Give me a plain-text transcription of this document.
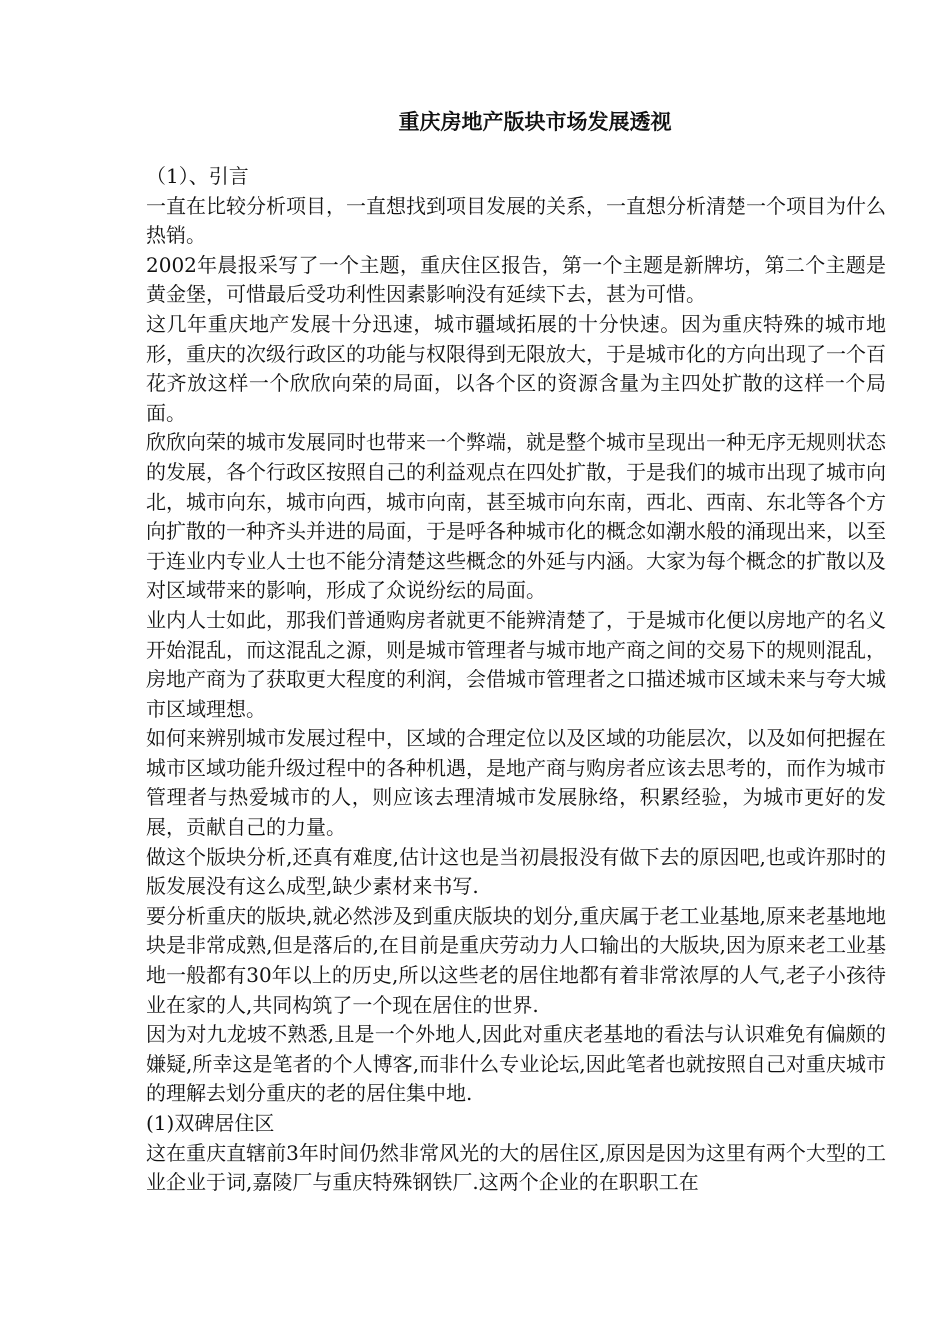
重庆房地产版块市场发展透视

（1）、引言

一直在比较分析项目，一直想找到项目发展的关系，一直想分析清楚一个项目为什么热销。

2002年晨报采写了一个主题，重庆住区报告，第一个主题是新牌坊，第二个主题是黄金堡，可惜最后受功利性因素影响没有延续下去，甚为可惜。

这几年重庆地产发展十分迅速，城市疆域拓展的十分快速。因为重庆特殊的城市地形，重庆的次级行政区的功能与权限得到无限放大，于是城市化的方向出现了一个百花齐放这样一个欣欣向荣的局面，以各个区的资源含量为主四处扩散的这样一个局面。

欣欣向荣的城市发展同时也带来一个弊端，就是整个城市呈现出一种无序无规则状态的发展，各个行政区按照自己的利益观点在四处扩散，于是我们的城市出现了城市向北，城市向东，城市向西，城市向南，甚至城市向东南，西北、西南、东北等各个方向扩散的一种齐头并进的局面，于是呼各种城市化的概念如潮水般的涌现出来，以至于连业内专业人士也不能分清楚这些概念的外延与内涵。大家为每个概念的扩散以及对区域带来的影响，形成了众说纷纭的局面。

业内人士如此，那我们普通购房者就更不能辨清楚了，于是城市化便以房地产的名义开始混乱，而这混乱之源，则是城市管理者与城市地产商之间的交易下的规则混乱，房地产商为了获取更大程度的利润，会借城市管理者之口描述城市区域未来与夸大城市区域理想。

如何来辨别城市发展过程中，区域的合理定位以及区域的功能层次，以及如何把握在城市区域功能升级过程中的各种机遇，是地产商与购房者应该去思考的，而作为城市管理者与热爱城市的人，则应该去理清城市发展脉络，积累经验，为城市更好的发展，贡献自己的力量。

做这个版块分析,还真有难度,估计这也是当初晨报没有做下去的原因吧,也或许那时的版发展没有这么成型,缺少素材来书写.

要分析重庆的版块,就必然涉及到重庆版块的划分,重庆属于老工业基地,原来老基地地块是非常成熟,但是落后的,在目前是重庆劳动力人口输出的大版块,因为原来老工业基地一般都有30年以上的历史,所以这些老的居住地都有着非常浓厚的人气,老子小孩待业在家的人,共同构筑了一个现在居住的世界.

因为对九龙坡不熟悉,且是一个外地人,因此对重庆老基地的看法与认识难免有偏颇的嫌疑,所幸这是笔者的个人博客,而非什么专业论坛,因此笔者也就按照自己对重庆城市的理解去划分重庆的老的居住集中地.

(1)双碑居住区

这在重庆直辖前3年时间仍然非常风光的大的居住区,原因是因为这里有两个大型的工业企业于词,嘉陵厂与重庆特殊钢铁厂.这两个企业的在职职工在
